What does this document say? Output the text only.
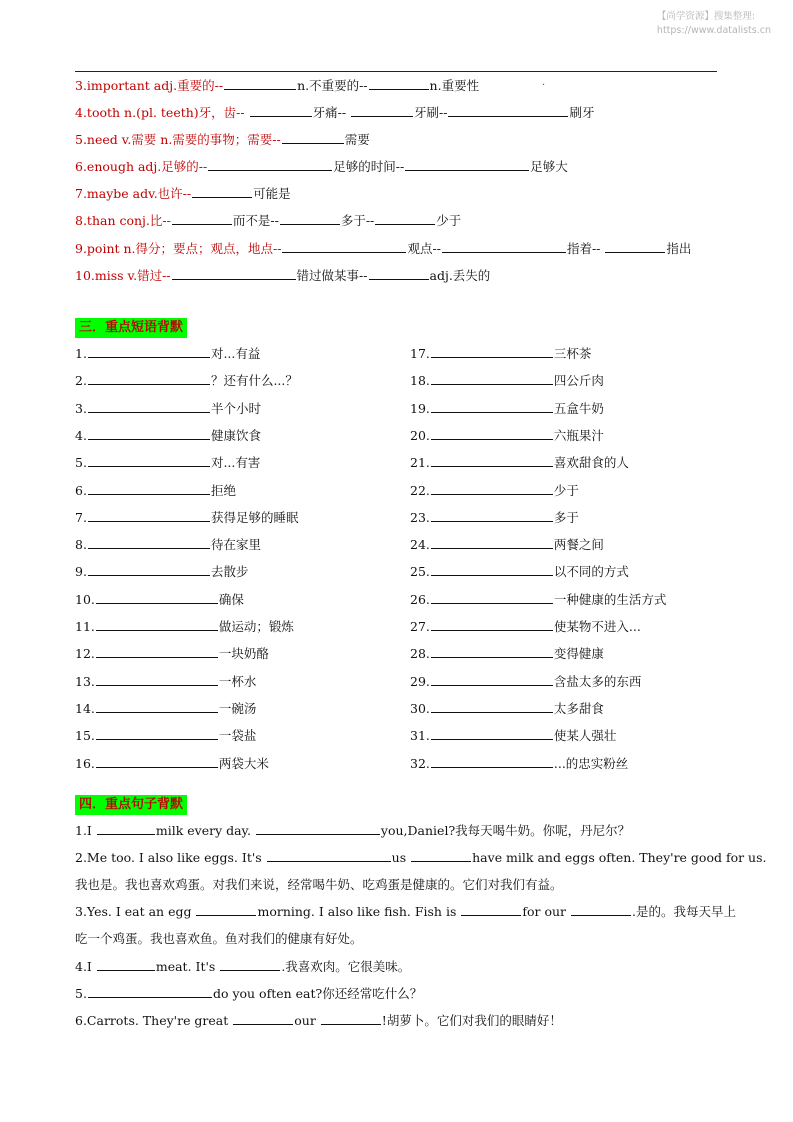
【尚学资源】搜集整理:
https://www.datalists.cn
·
3.important adj.重要的--	n.不重要的--	n.重要性
4.tooth n.(pl. teeth)牙，齿--	牙痛--	牙刷--	刷牙
5.need v.需要 n.需要的事物；需要--	需要
6.enough adj.足够的--	足够的时间--	足够大
7.maybe adv.也许--	可能是
8.than conj.比--	而不是--	多于--	少于
9.point n.得分；要点；观点，地点--	观点--	指着--	指出
10.miss v.错过--	错过做某事--	adj.丢失的
三．重点短语背默
1.	对...有益
2.	？还有什么...？
3.	半个小时
4.	健康饮食
5.	对...有害
6.	拒绝
7.	获得足够的睡眠
8.	待在家里
9.	去散步
10.	确保
11.	做运动；锻炼
12.	一块奶酪
13.	一杯水
14.	一碗汤
15.	一袋盐
16.	两袋大米
17.	三杯茶
18.	四公斤肉
19.	五盒牛奶
20.	六瓶果汁
21.	喜欢甜食的人
22.	少于
23.	多于
24.	两餐之间
25.	以不同的方式
26.	一种健康的生活方式
27.	使某物不进入...
28.	变得健康
29.	含盐太多的东西
30.	太多甜食
31.	使某人强壮
32.	...的忠实粉丝
四．重点句子背默
1.I	milk every day.	you,Daniel?我每天喝牛奶。你呢，丹尼尔？
2.Me too. I also like eggs. It's	us	have milk and eggs often. They're good for us.
我也是。我也喜欢鸡蛋。对我们来说，经常喝牛奶、吃鸡蛋是健康的。它们对我们有益。
3.Yes. I eat an egg	morning. I also like fish. Fish is	for our	.是的。我每天早上
吃一个鸡蛋。我也喜欢鱼。鱼对我们的健康有好处。
4.I	meat. It's	.我喜欢肉。它很美味。
5.	do you often eat?你还经常吃什么？
6.Carrots. They're great	our	!胡萝卜。它们对我们的眼睛好！
